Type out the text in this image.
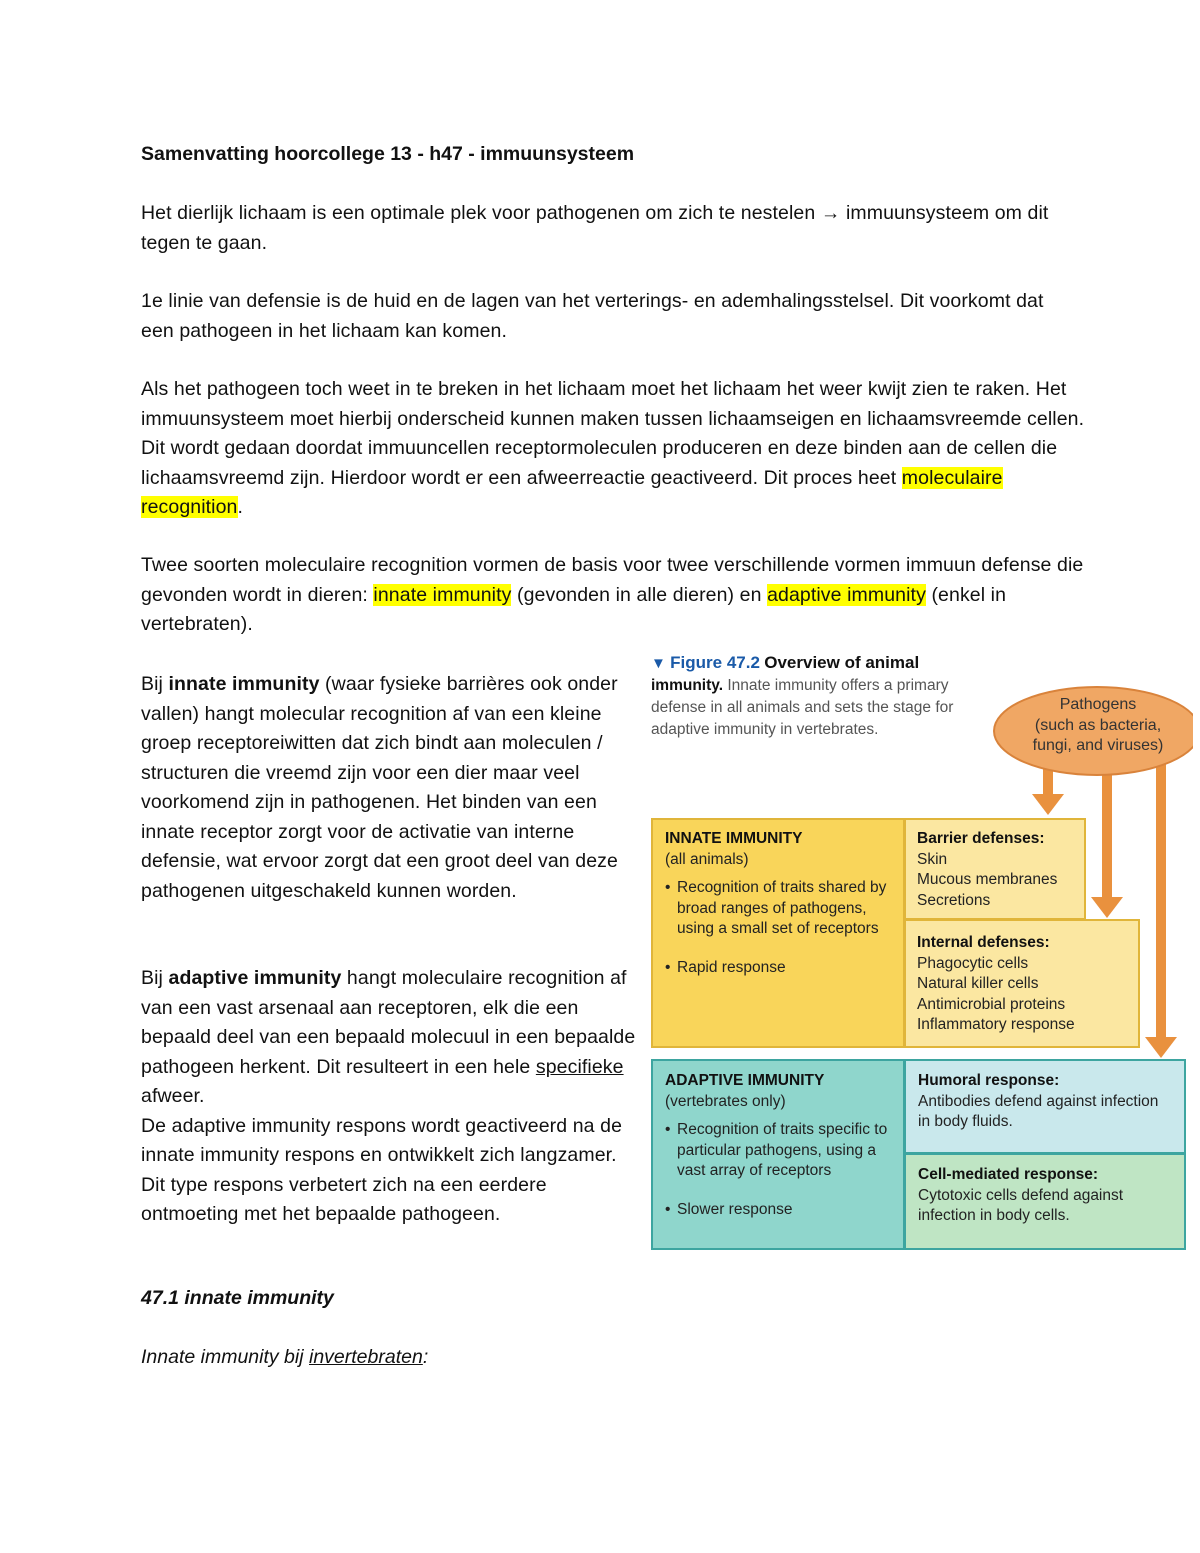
Samenvatting hoorcollege 13 - h47 - immuunsysteem
Het dierlijk lichaam is een optimale plek voor pathogenen om zich te nestelen → immuunsysteem om dit tegen te gaan.
1e linie van defensie is de huid en de lagen van het verterings- en ademhalingsstelsel. Dit voorkomt dat een pathogeen in het lichaam kan komen.
Als het pathogeen toch weet in te breken in het lichaam moet het lichaam het weer kwijt zien te raken. Het immuunsysteem moet hierbij onderscheid kunnen maken tussen lichaamseigen en lichaamsvreemde cellen. Dit wordt gedaan doordat immuuncellen receptormoleculen produceren en deze binden aan de cellen die lichaamsvreemd zijn. Hierdoor wordt er een afweerreactie geactiveerd. Dit proces heet moleculaire recognition.
Twee soorten moleculaire recognition vormen de basis voor twee verschillende vormen immuun defense die gevonden wordt in dieren: innate immunity (gevonden in alle dieren) en adaptive immunity (enkel in vertebraten).
Bij innate immunity (waar fysieke barrières ook onder vallen) hangt molecular recognition af van een kleine groep receptoreiwitten dat zich bindt aan moleculen / structuren die vreemd zijn voor een dier maar veel voorkomend zijn in pathogenen. Het binden van een innate receptor zorgt voor de activatie van interne defensie, wat ervoor zorgt dat een groot deel van deze pathogenen uitgeschakeld kunnen worden.
Bij adaptive immunity hangt moleculaire recognition af van een vast arsenaal aan receptoren, elk die een bepaald deel van een bepaald molecuul in een bepaalde pathogeen herkent. Dit resulteert in een hele specifieke
afweer.
De adaptive immunity respons wordt geactiveerd na de innate immunity respons en ontwikkelt zich langzamer. Dit type respons verbetert zich na een eerdere ontmoeting met het bepaalde pathogeen.
47.1 innate immunity
Innate immunity bij invertebraten:
▼ Figure 47.2 Overview of animal immunity. Innate immunity offers a primary defense in all animals and sets the stage for adaptive immunity in vertebrates.
Pathogens
(such as bacteria,
fungi, and viruses)
INNATE IMMUNITY
(all animals)
• Recognition of traits shared by broad ranges of pathogens, using a small set of receptors
• Rapid response
Barrier defenses:
Skin
Mucous membranes
Secretions
Internal defenses:
Phagocytic cells
Natural killer cells
Antimicrobial proteins
Inflammatory response
ADAPTIVE IMMUNITY
(vertebrates only)
• Recognition of traits specific to particular pathogens, using a vast array of receptors
• Slower response
Humoral response:
Antibodies defend against infection in body fluids.
Cell-mediated response:
Cytotoxic cells defend against infection in body cells.
